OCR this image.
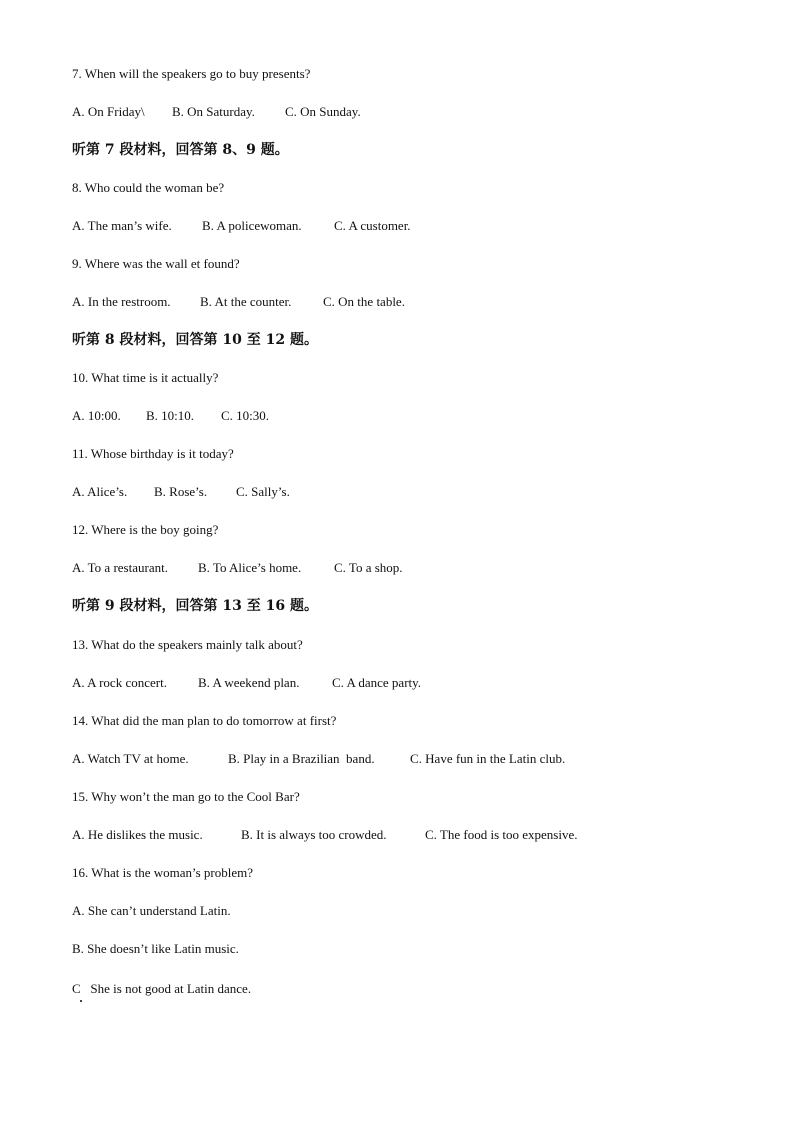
7. When will the speakers go to buy presents?

A. On Friday\ B. On Saturday. C. On Sunday.

听第 7 段材料，回答第 8、9 题。

8. Who could the woman be?

A. The man’s wife. B. A policewoman. C. A customer.

9. Where was the wall et found?

A. In the restroom. B. At the counter. C. On the table.

听第 8 段材料，回答第 10 至 12 题。

10. What time is it actually?

A. 10:00. B. 10:10. C. 10:30.

11. Whose birthday is it today?

A. Alice’s. B. Rose’s. C. Sally’s.

12. Where is the boy going?

A. To a restaurant. B. To Alice’s home.	C. To a shop.

听第 9 段材料，回答第 13 至 16 题。

13. What do the speakers mainly talk about?

A. A rock concert. B. A weekend plan.	C. A dance party.

14. What did the man plan to do tomorrow at first?

A. Watch TV at home.	B. Play in a Brazilian  band.	C. Have fun in the Latin club.

15. Why won’t the man go to the Cool Bar?

A. He dislikes the music.	B. It is always too crowded.	C. The food is too expensive.

16. What is the woman’s problem?

A. She can’t understand Latin.

B. She doesn’t like Latin music.

C   She is not good at Latin dance.
